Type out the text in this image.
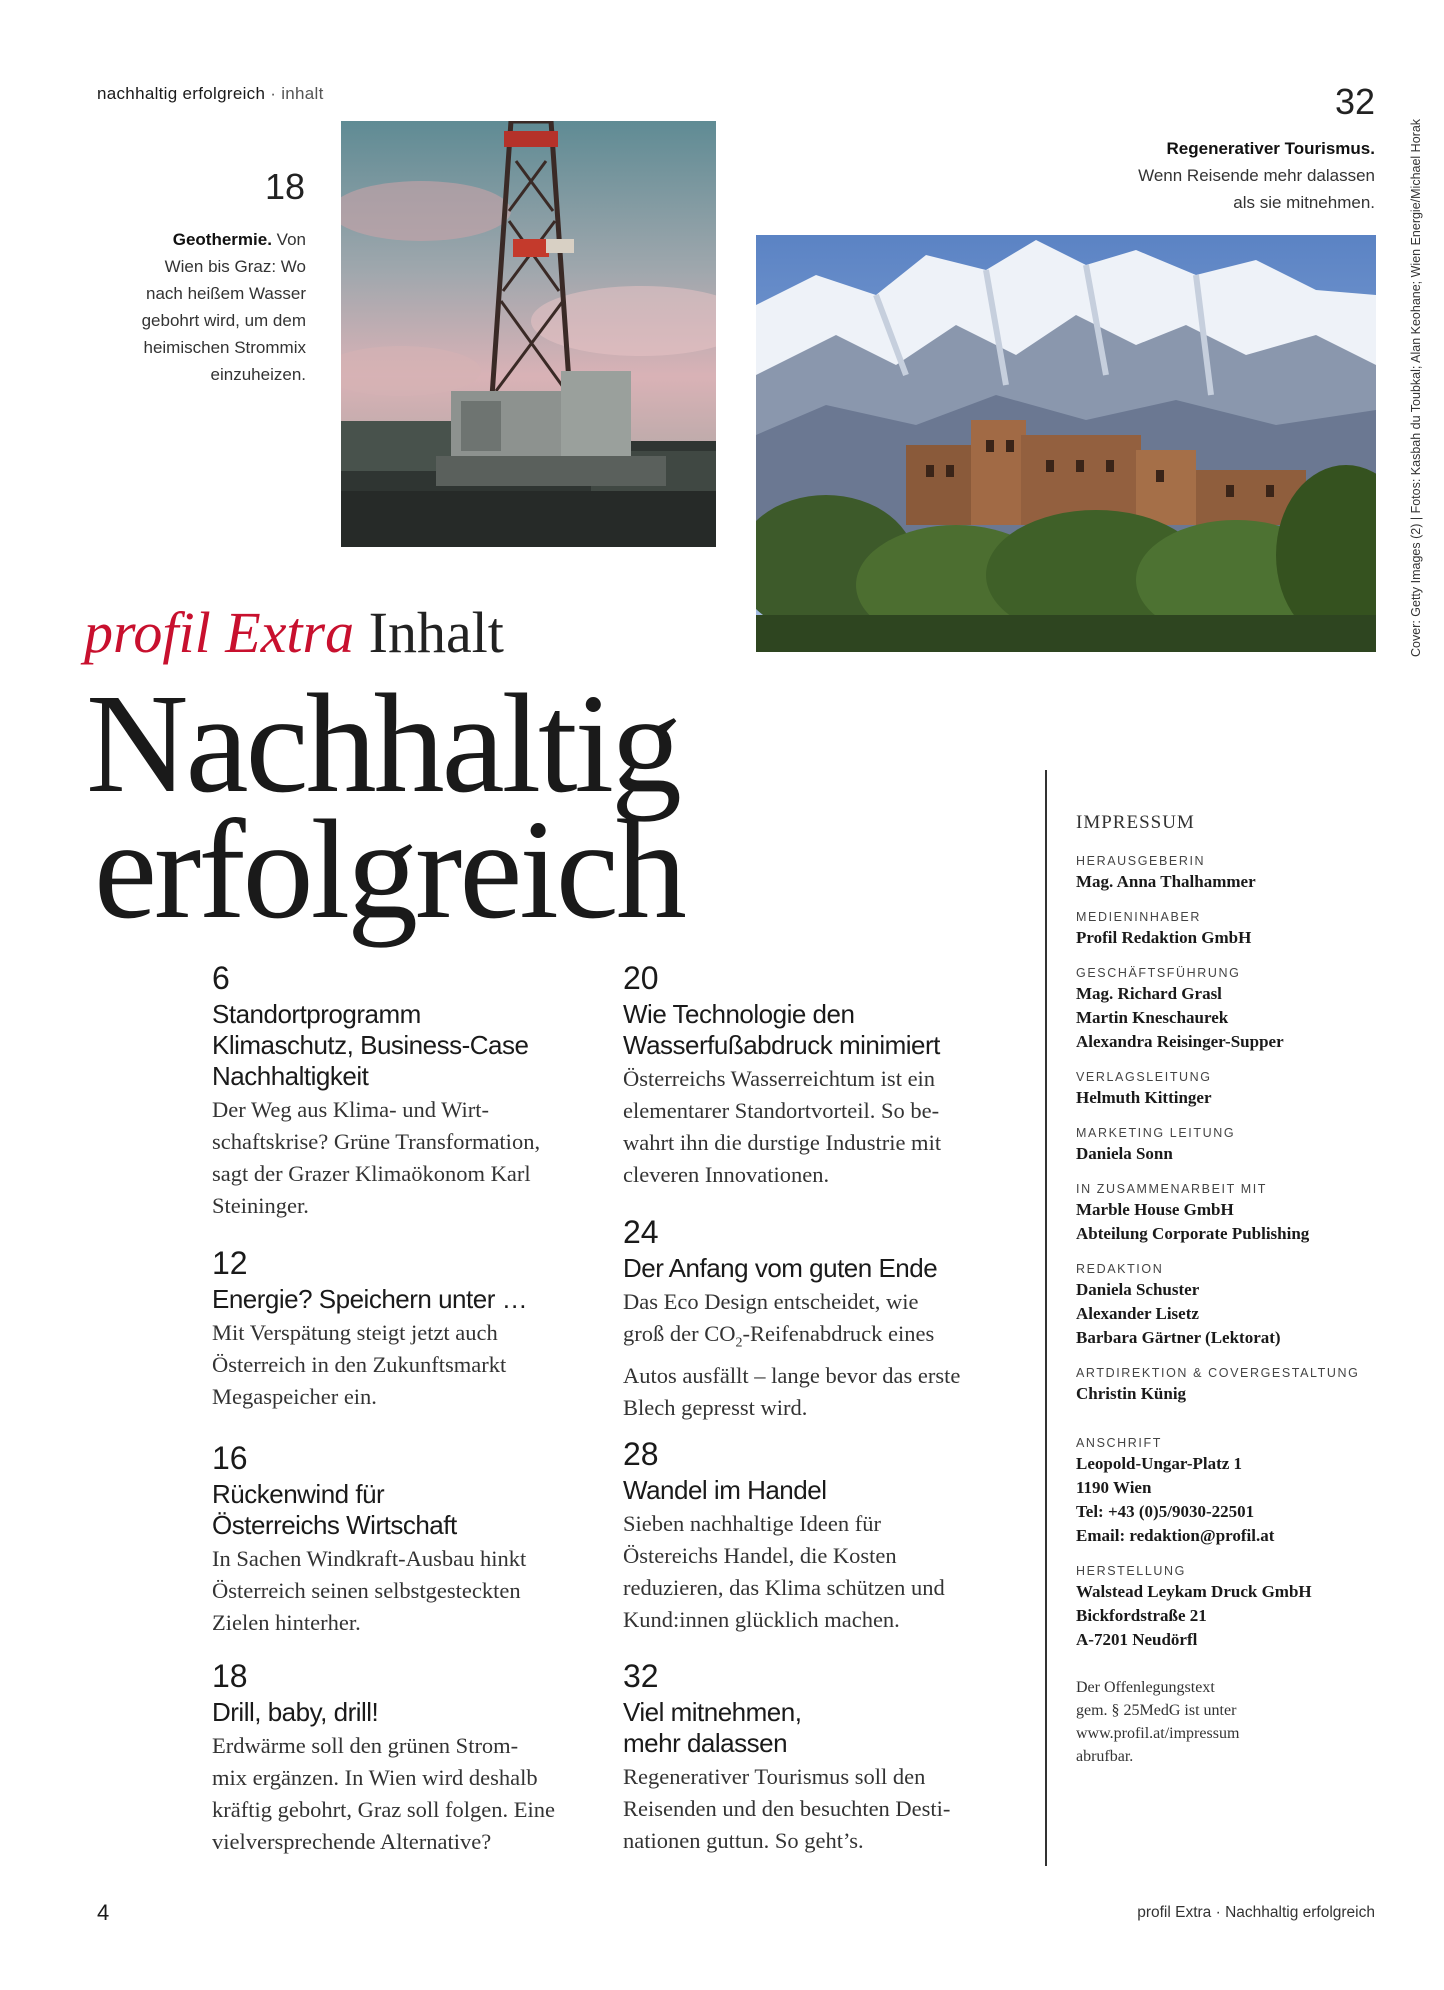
nachhaltig erfolgreich · inhalt
18
Geothermie. Von
Wien bis Graz: Wo
nach heißem Wasser
gebohrt wird, um dem
heimischen Strommix
einzuheizen.
32
Regenerativer Tourismus.
Wenn Reisende mehr dalassen
als sie mitnehmen.	Cover: Getty Images (2) | Fotos: Kasbah du Toubkal; Alan Keohane; Wien Energie/Michael Horak
profil Extra Inhalt
Nachhaltig
erfolgreich
6
Standortprogramm
Klimaschutz, Business-Case
Nachhaltigkeit
Der Weg aus Klima- und Wirt-
schaftskrise? Grüne Transformation,
sagt der Grazer Klimaökonom Karl
Steininger.
12
Energie? Speichern unter …
Mit Verspätung steigt jetzt auch
Österreich in den Zukunftsmarkt
Megaspeicher ein.
16
Rückenwind für
Österreichs Wirtschaft
In Sachen Windkraft-Ausbau hinkt
Österreich seinen selbstgesteckten
Zielen hinterher.
18
Drill, baby, drill!
Erdwärme soll den grünen Strom-
mix ergänzen. In Wien wird deshalb
kräftig gebohrt, Graz soll folgen. Eine
vielversprechende Alternative?
20
Wie Technologie den
Wasserfußabdruck minimiert
Österreichs Wasserreichtum ist ein
elementarer Standortvorteil. So be-
wahrt ihn die durstige Industrie mit
cleveren Innovationen.
24
Der Anfang vom guten Ende
Das Eco Design entscheidet, wie
groß der $CO_2$-Reifenabdruck eines
Autos ausfällt – lange bevor das erste
Blech gepresst wird.
28
Wandel im Handel
Sieben nachhaltige Ideen für
Östereichs Handel, die Kosten
reduzieren, das Klima schützen und
Kund:innen glücklich machen.
32
Viel mitnehmen,
mehr dalassen
Regenerativer Tourismus soll den
Reisenden und den besuchten Desti-
nationen guttun. So geht’s.
IMPRESSUM
HERAUSGEBERIN
Mag. Anna Thalhammer
MEDIENINHABER
Profil Redaktion GmbH
GESCHÄFTSFÜHRUNG
Mag. Richard Grasl
Martin Kneschaurek
Alexandra Reisinger-Supper
VERLAGSLEITUNG
Helmuth Kittinger
MARKETING LEITUNG
Daniela Sonn
IN ZUSAMMENARBEIT MIT
Marble House GmbH
Abteilung Corporate Publishing
REDAKTION
Daniela Schuster
Alexander Lisetz
Barbara Gärtner (Lektorat)
ARTDIREKTION & COVERGESTALTUNG
Christin Künig
ANSCHRIFT
Leopold-Ungar-Platz 1
1190 Wien
Tel: +43 (0)5/9030-22501
Email: redaktion@profil.at
HERSTELLUNG
Walstead Leykam Druck GmbH
Bickfordstraße 21
A-7201 Neudörfl
Der Offenlegungstext
gem. § 25MedG ist unter
www.profil.at/impressum
abrufbar.
4	profil Extra · Nachhaltig erfolgreich
